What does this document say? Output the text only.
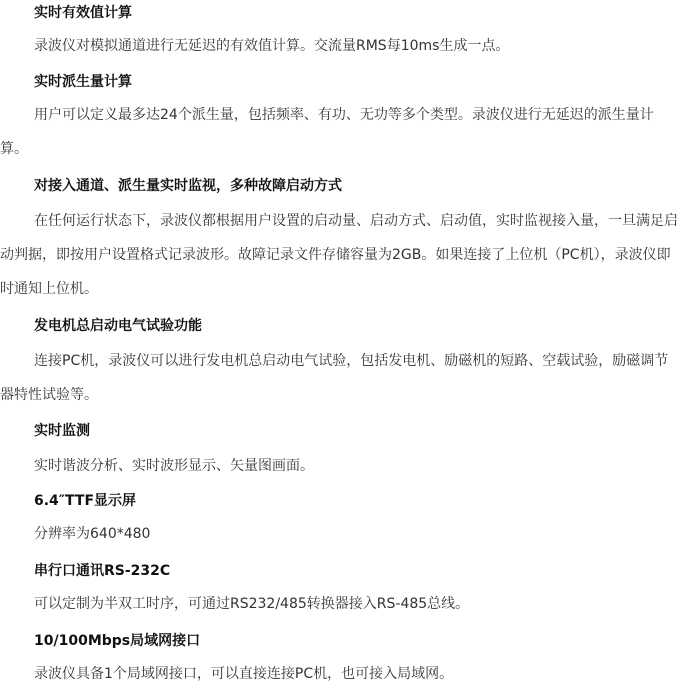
实时有效值计算

录波仪对模拟通道进行无延迟的有效值计算。交流量RMS每10ms生成一点。

实时派生量计算

用户可以定义最多达24个派生量，包括频率、有功、无功等多个类型。录波仪进行无延迟的派生量计算。

对接入通道、派生量实时监视，多种故障启动方式

在任何运行状态下，录波仪都根据用户设置的启动量、启动方式、启动值，实时监视接入量，一旦满足启动判据，即按用户设置格式记录波形。故障记录文件存储容量为2GB。如果连接了上位机（PC机），录波仪即时通知上位机。

发电机总启动电气试验功能

连接PC机，录波仪可以进行发电机总启动电气试验，包括发电机、励磁机的短路、空载试验，励磁调节器特性试验等。

实时监测

实时谐波分析、实时波形显示、矢量图画面。

6.4″TTF显示屏

分辨率为640*480

串行口通讯RS-232C

可以定制为半双工时序，可通过RS232/485转换器接入RS-485总线。

10/100Mbps局域网接口

录波仪具备1个局域网接口，可以直接连接PC机，也可接入局域网。
